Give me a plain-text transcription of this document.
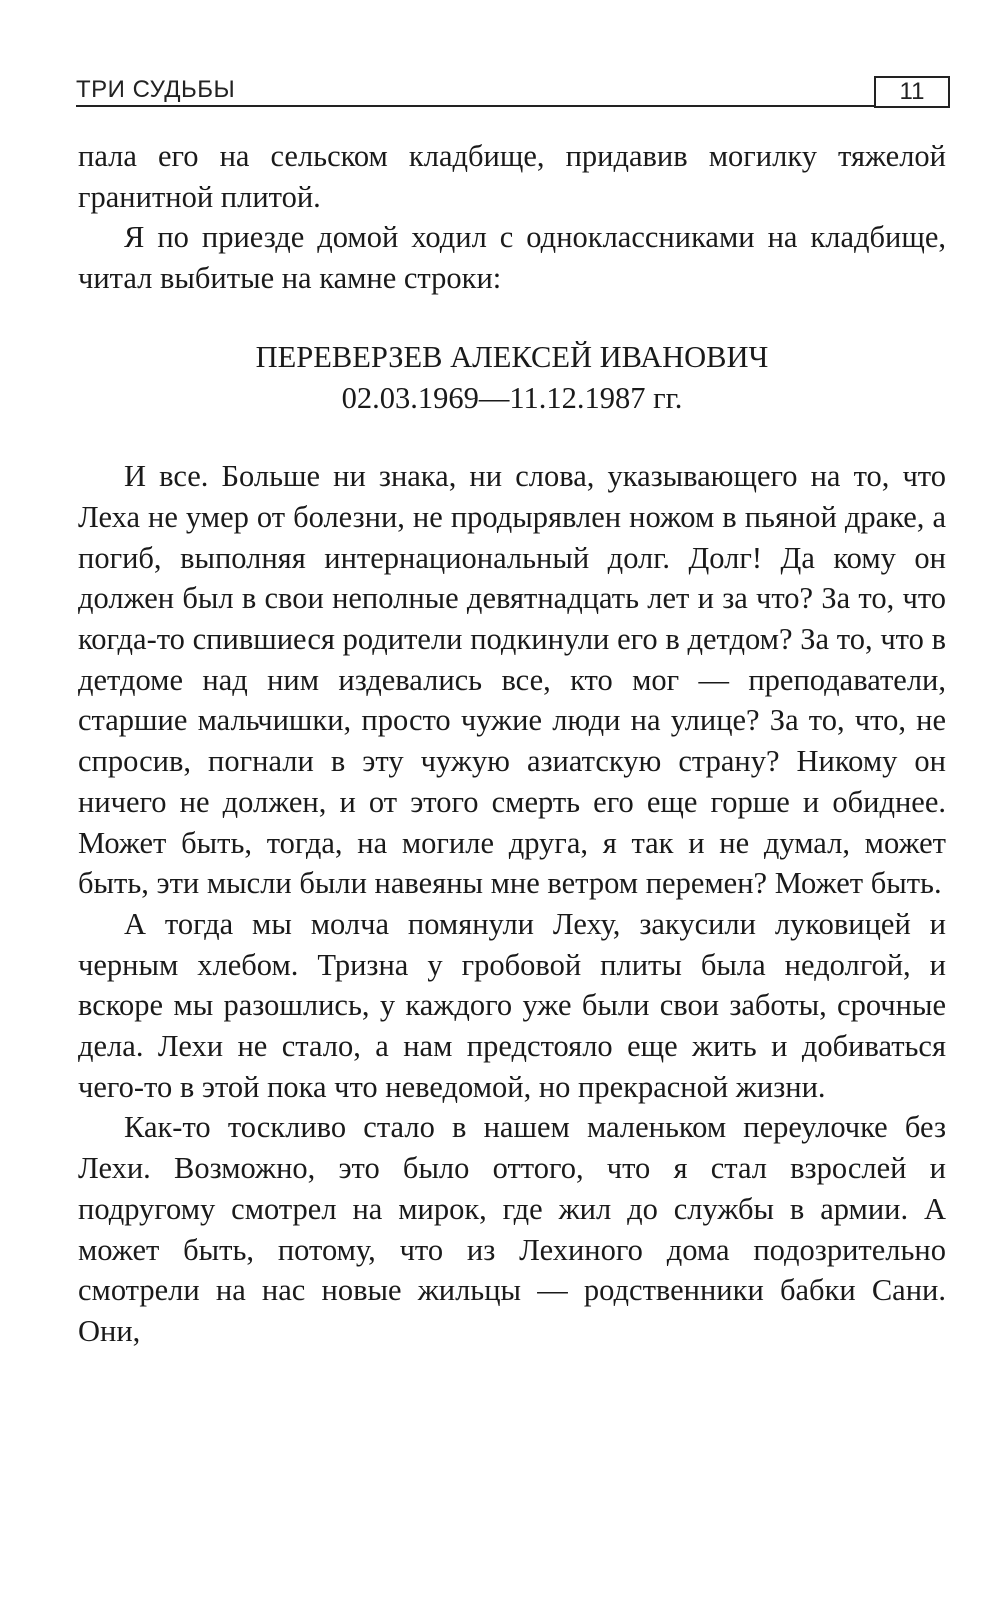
ТРИ СУДЬБЫ	11

пала его на сельском кладбище, придавив могилку тяжелой гранитной плитой.

Я по приезде домой ходил с одноклассниками на кладбище, читал выбитые на камне строки:

ПЕРЕВЕРЗЕВ АЛЕКСЕЙ ИВАНОВИЧ
02.03.1969—11.12.1987 гг.

И все. Больше ни знака, ни слова, указывающего на то, что Леха не умер от болезни, не продырявлен ножом в пьяной драке, а погиб, выполняя интернациональный долг. Долг! Да кому он должен был в свои неполные девятнадцать лет и за что? За то, что когда-то спившиеся родители подкинули его в детдом? За то, что в детдоме над ним издевались все, кто мог — преподаватели, старшие мальчишки, просто чужие люди на улице? За то, что, не спросив, погнали в эту чужую азиатскую страну? Никому он ничего не должен, и от этого смерть его еще горше и обиднее. Может быть, тогда, на могиле друга, я так и не думал, может быть, эти мысли были навеяны мне ветром перемен? Может быть.

А тогда мы молча помянули Леху, закусили луковицей и черным хлебом. Тризна у гробовой плиты была недолгой, и вскоре мы разошлись, у каждого уже были свои заботы, срочные дела. Лехи не стало, а нам предстояло еще жить и добиваться чего-то в этой пока что неведомой, но прекрасной жизни.

Как-то тоскливо стало в нашем маленьком переулочке без Лехи. Возможно, это было оттого, что я стал взрослей и подругому смотрел на мирок, где жил до службы в армии. А может быть, потому, что из Лехиного дома подозрительно смотрели на нас новые жильцы — родственники бабки Сани. Они,
